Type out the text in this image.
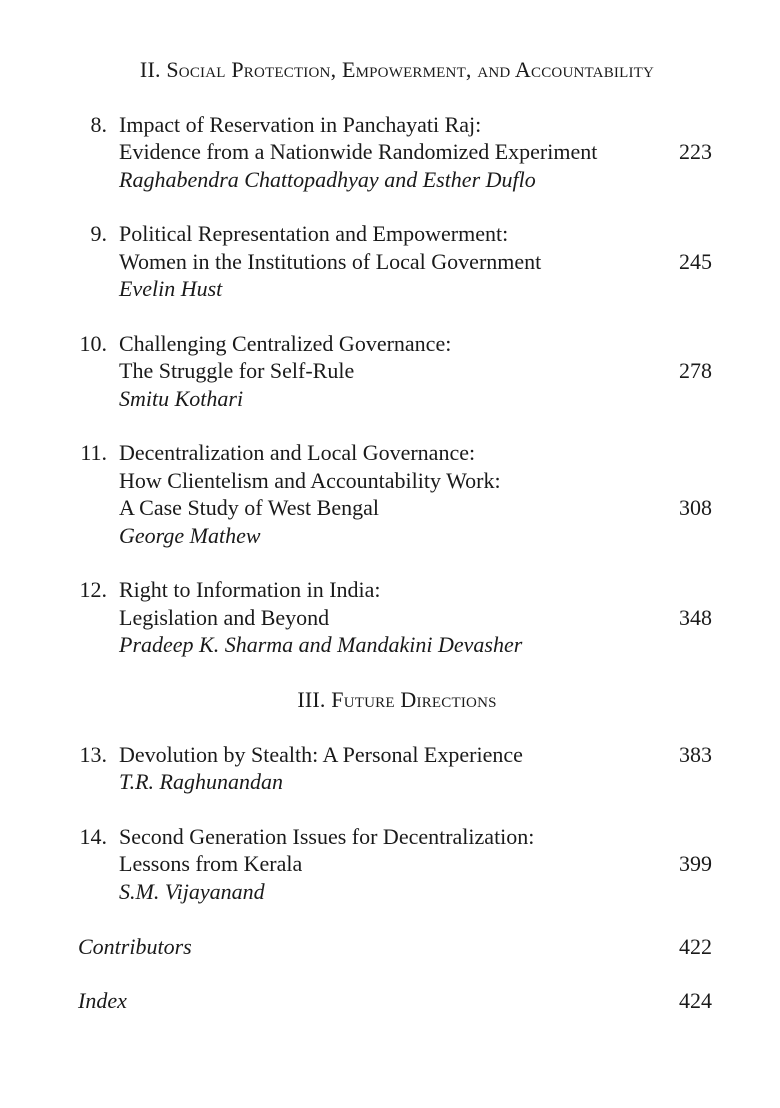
II. Social Protection, Empowerment, and Accountability
8. Impact of Reservation in Panchayati Raj:
Evidence from a Nationwide Randomized Experiment	223
Raghabendra Chattopadhyay and Esther Duflo
9. Political Representation and Empowerment:
Women in the Institutions of Local Government	245
Evelin Hust
10. Challenging Centralized Governance:
The Struggle for Self-Rule	278
Smitu Kothari
11. Decentralization and Local Governance:
How Clientelism and Accountability Work:
A Case Study of West Bengal	308
George Mathew
12. Right to Information in India:
Legislation and Beyond	348
Pradeep K. Sharma and Mandakini Devasher
III. Future Directions
13. Devolution by Stealth: A Personal Experience	383
T.R. Raghunandan
14. Second Generation Issues for Decentralization:
Lessons from Kerala	399
S.M. Vijayanand
Contributors	422
Index	424
